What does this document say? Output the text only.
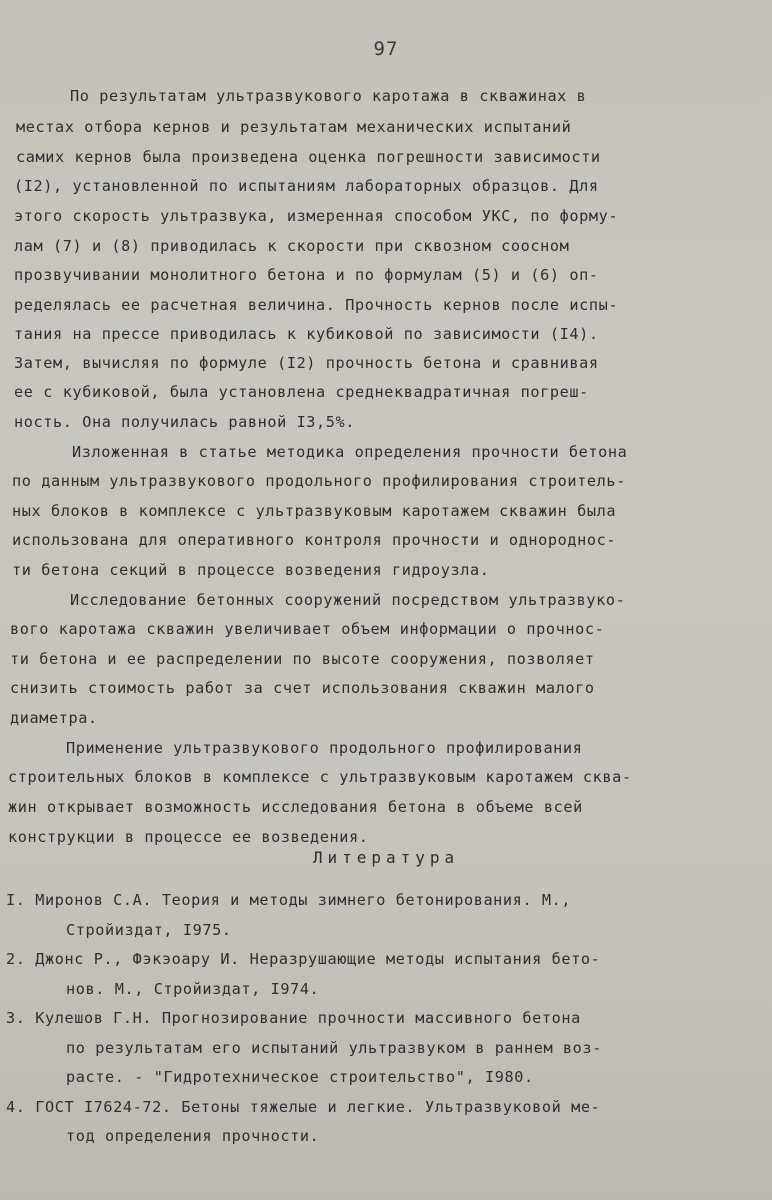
97
По результатам ультразвукового каротажа в скважинах в
местах отбора кернов и результатам механических испытаний
самих кернов была произведена оценка погрешности зависимости
(I2), установленной по испытаниям лабораторных образцов. Для
этого скорость ультразвука, измеренная способом УКС, по форму-
лам (7) и (8) приводилась к скорости при сквозном соосном
прозвучивании монолитного бетона и по формулам (5) и (6) оп-
ределялась ее расчетная величина. Прочность кернов после испы-
тания на прессе приводилась к кубиковой по зависимости (I4).
Затем, вычисляя по формуле (I2) прочность бетона и сравнивая
ее с кубиковой, была установлена среднеквадратичная погреш-
ность. Она получилась равной I3,5%.
Изложенная в статье методика определения прочности бетона
по данным ультразвукового продольного профилирования строитель-
ных блоков в комплексе с ультразвуковым каротажем скважин была
использована для оперативного контроля прочности и однороднос-
ти бетона секций в процессе возведения гидроузла.
Исследование бетонных сооружений посредством ультразвуко-
вого каротажа скважин увеличивает объем информации о прочнос-
ти бетона и ее распределении по высоте сооружения, позволяет
снизить стоимость работ за счет использования скважин малого
диаметра.
Применение ультразвукового продольного профилирования
строительных блоков в комплексе с ультразвуковым каротажем сква-
жин открывает возможность исследования бетона в объеме всей
конструкции в процессе ее возведения.
Литература
I. Миронов С.А. Теория и методы зимнего бетонирования. М.,
Стройиздат, I975.
2. Джонс Р., Фэкэоару И. Неразрушающие методы испытания бето-
нов. М., Стройиздат, I974.
3. Кулешов Г.Н. Прогнозирование прочности массивного бетона
по результатам его испытаний ультразвуком в раннем воз-
расте. - "Гидротехническое строительство", I980.
4. ГОСТ I7624-72. Бетоны тяжелые и легкие. Ультразвуковой ме-
тод определения прочности.
